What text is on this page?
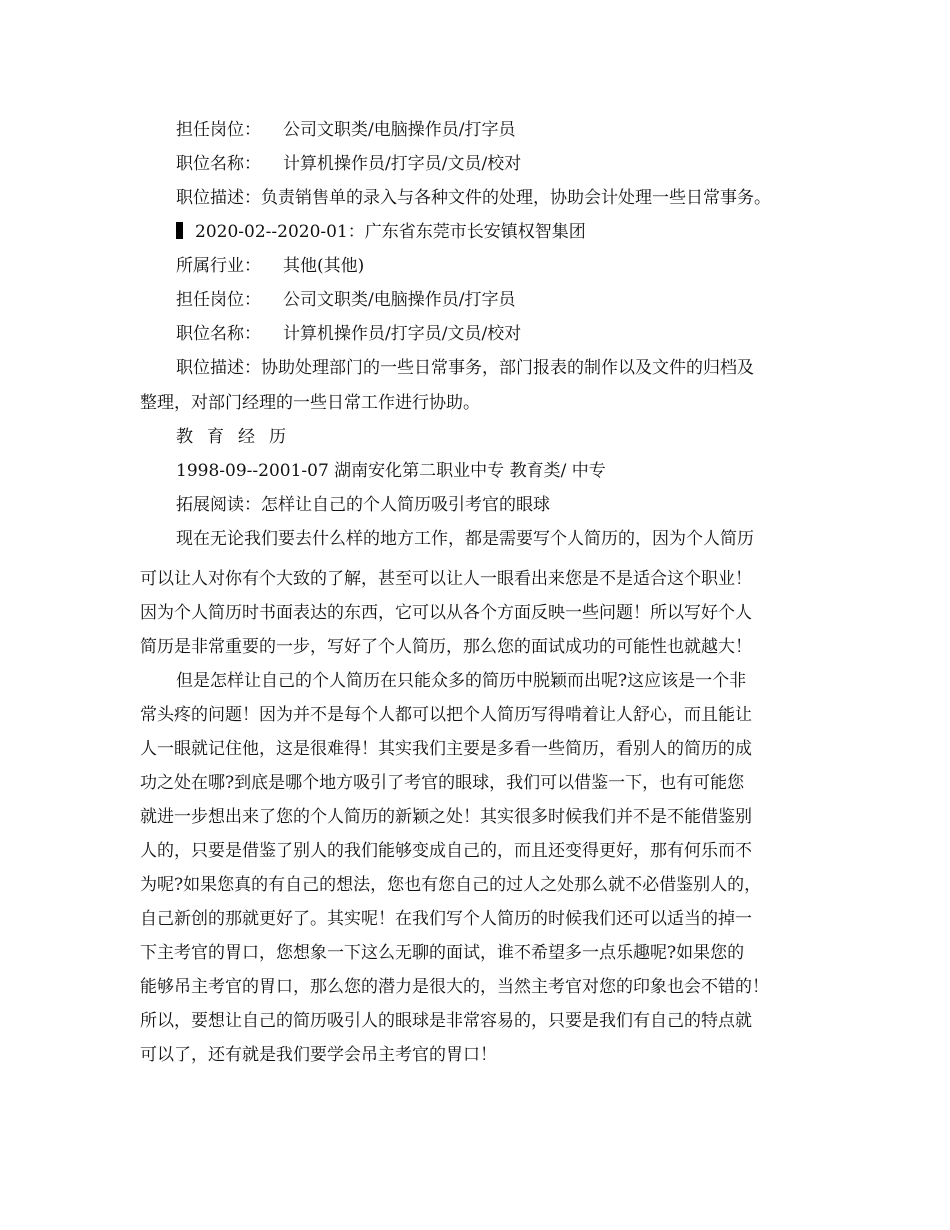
担任岗位： 公司文职类/电脑操作员/打字员
职位名称： 计算机操作员/打字员/文员/校对
职位描述：负责销售单的录入与各种文件的处理，协助会计处理一些日常事务。
2020-02--2020-01：广东省东莞市长安镇权智集团
所属行业： 其他(其他)
担任岗位： 公司文职类/电脑操作员/打字员
职位名称： 计算机操作员/打字员/文员/校对
职位描述：协助处理部门的一些日常事务，部门报表的制作以及文件的归档及
整理，对部门经理的一些日常工作进行协助。
教育经历
1998-09--2001-07 湖南安化第二职业中专 教育类/ 中专
拓展阅读：怎样让自己的个人简历吸引考官的眼球
现在无论我们要去什么样的地方工作，都是需要写个人简历的，因为个人简历
可以让人对你有个大致的了解，甚至可以让人一眼看出来您是不是适合这个职业！
因为个人简历时书面表达的东西，它可以从各个方面反映一些问题！所以写好个人
简历是非常重要的一步，写好了个人简历，那么您的面试成功的可能性也就越大！
但是怎样让自己的个人简历在只能众多的简历中脱颖而出呢?这应该是一个非
常头疼的问题！因为并不是每个人都可以把个人简历写得啃着让人舒心，而且能让
人一眼就记住他，这是很难得！其实我们主要是多看一些简历，看别人的简历的成
功之处在哪?到底是哪个地方吸引了考官的眼球，我们可以借鉴一下，也有可能您
就进一步想出来了您的个人简历的新颖之处！其实很多时候我们并不是不能借鉴别
人的，只要是借鉴了别人的我们能够变成自己的，而且还变得更好，那有何乐而不
为呢?如果您真的有自己的想法，您也有您自己的过人之处那么就不必借鉴别人的，
自己新创的那就更好了。其实呢！在我们写个人简历的时候我们还可以适当的掉一
下主考官的胃口，您想象一下这么无聊的面试，谁不希望多一点乐趣呢?如果您的
能够吊主考官的胃口，那么您的潜力是很大的，当然主考官对您的印象也会不错的！
所以，要想让自己的简历吸引人的眼球是非常容易的，只要是我们有自己的特点就
可以了，还有就是我们要学会吊主考官的胃口！
